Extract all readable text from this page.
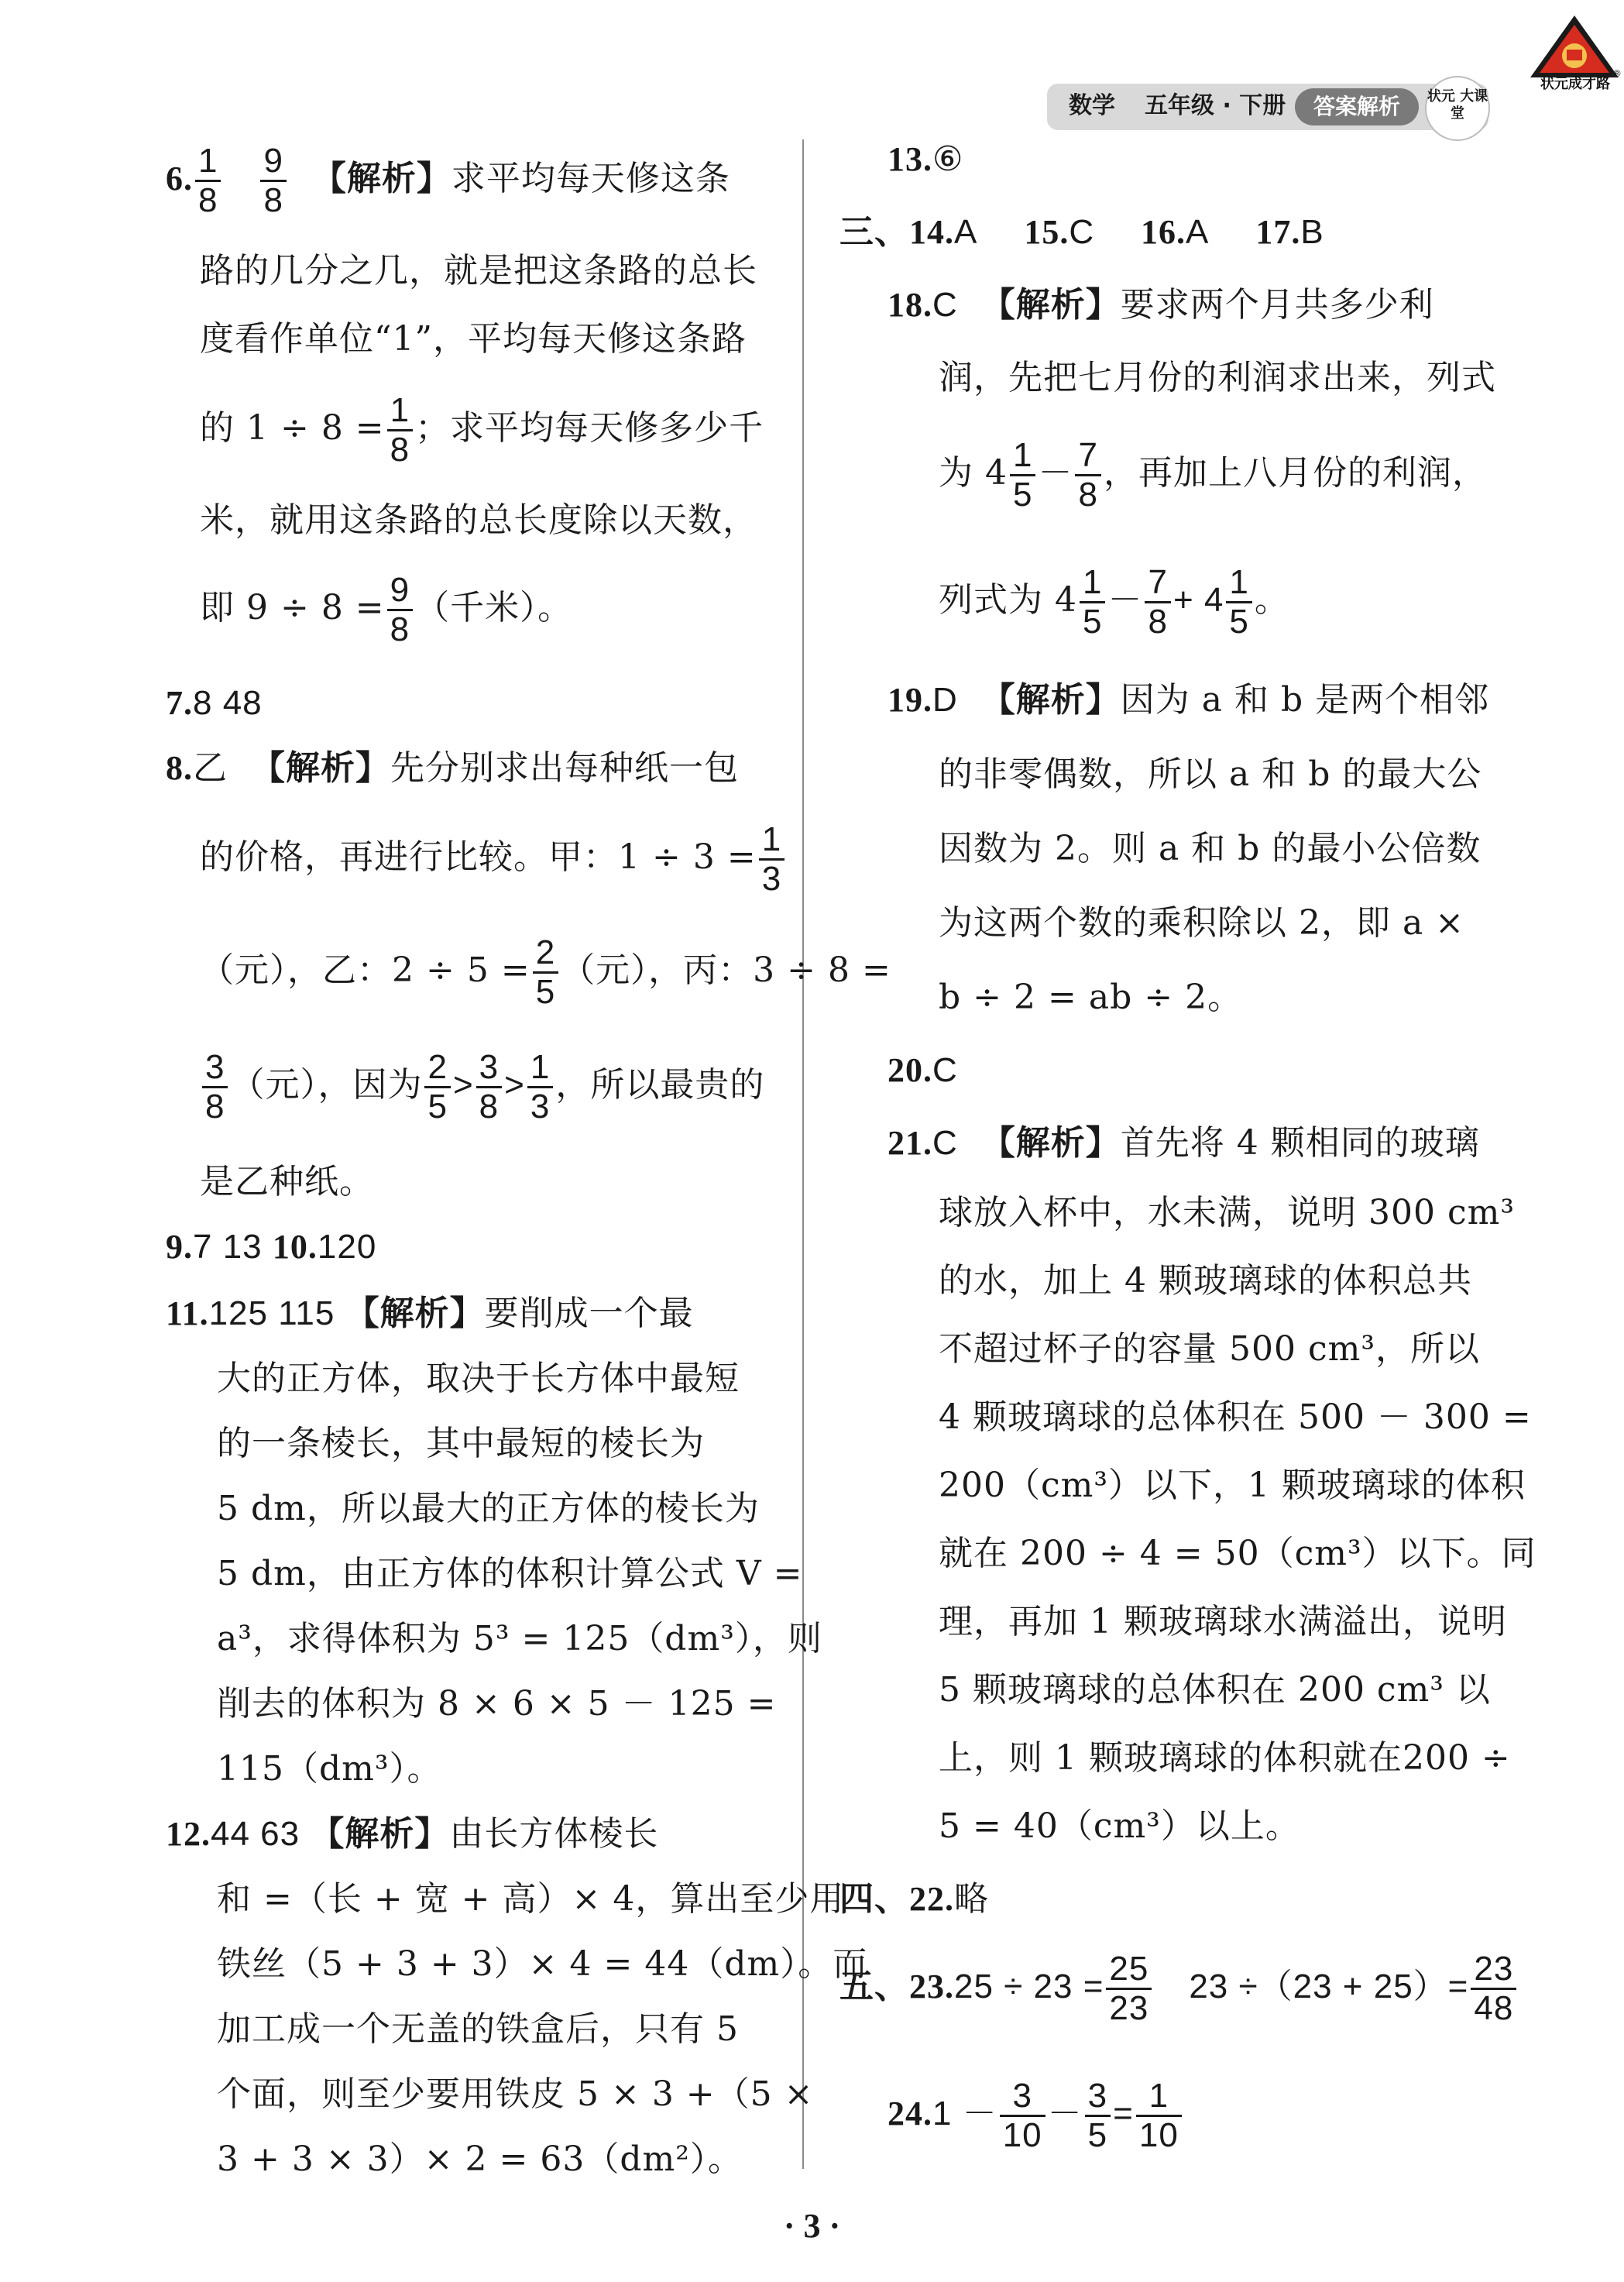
数学 五年级 · 下册	答案解析	状元 大课堂
状元成才路
®
6. $\frac{1}{8}$
$\frac{9}{8}$ 【解析】求平均每天修这条
路的几分之几，就是把这条路的总长
度看作单位“1”，平均每天修这条路
的 $1 \div 8 = \frac{1}{8}$ ；求平均每天修多少千
米，就用这条路的总长度除以天数，
即 $9 \div 8 = \frac{9}{8}$ （千米）。
7.8 48
8.乙 【解析】先分别求出每种纸一包
的价格，再进行比较。甲：$1 \div 3 = \frac{1}{3}$
（元），乙：$2 \div 5 = \frac{2}{5}$ （元），丙：3 ÷ 8 =
$\frac{3}{8}$ （元），因为 $\frac{2}{5} > \frac{3}{8} > \frac{1}{3}$ ，所以最贵的
是乙种纸。
9.7 13 10.120
11.125 115 【解析】要削成一个最
大的正方体，取决于长方体中最短
的一条棱长，其中最短的棱长为
5 dm，所以最大的正方体的棱长为
5 dm，由正方体的体积计算公式 V =
a³，求得体积为 5³ = 125（dm³），则
削去的体积为 8 × 6 × 5 － 125 =
115（dm³）。
12.44 63 【解析】由长方体棱长
和 =（长 + 宽 + 高）× 4，算出至少用
铁丝（5 + 3 + 3）× 4 = 44（dm）。而
加工成一个无盖的铁盒后，只有 5
个面，则至少要用铁皮 5 × 3 +（5 ×
3 + 3 × 3）× 2 = 63（dm²）。
13.⑥
三、14.A 15.C 16.A 17.B
18.C 【解析】要求两个月共多少利
润，先把七月份的利润求出来，列式
为 $4 \frac{1}{5} - \frac{7}{8}$ ，再加上八月份的利润，
列式为 $4 \frac{1}{5} - \frac{7}{8} + 4 \frac{1}{5}$ 。
19.D 【解析】因为 a 和 b 是两个相邻
的非零偶数，所以 a 和 b 的最大公
因数为 2。则 a 和 b 的最小公倍数
为这两个数的乘积除以 2，即 a ×
b ÷ 2 = ab ÷ 2。
20.C
21.C 【解析】首先将 4 颗相同的玻璃
球放入杯中，水未满，说明 300 cm³
的水，加上 4 颗玻璃球的体积总共
不超过杯子的容量 500 cm³，所以
4 颗玻璃球的总体积在 500 － 300 =
200（cm³）以下，1 颗玻璃球的体积
就在 200 ÷ 4 = 50（cm³）以下。同
理，再加 1 颗玻璃球水满溢出，说明
5 颗玻璃球的总体积在 200 cm³ 以
上，则 1 颗玻璃球的体积就在200 ÷
5 = 40（cm³）以上。
四、22.略
五、$23.25 \div 23 = \frac{25}{23} 23 \div(23 + 25)= \frac{23}{48}$
$24.1 - \frac{3}{10} - \frac{3}{5} = \frac{1}{10}$
· 3 ·
